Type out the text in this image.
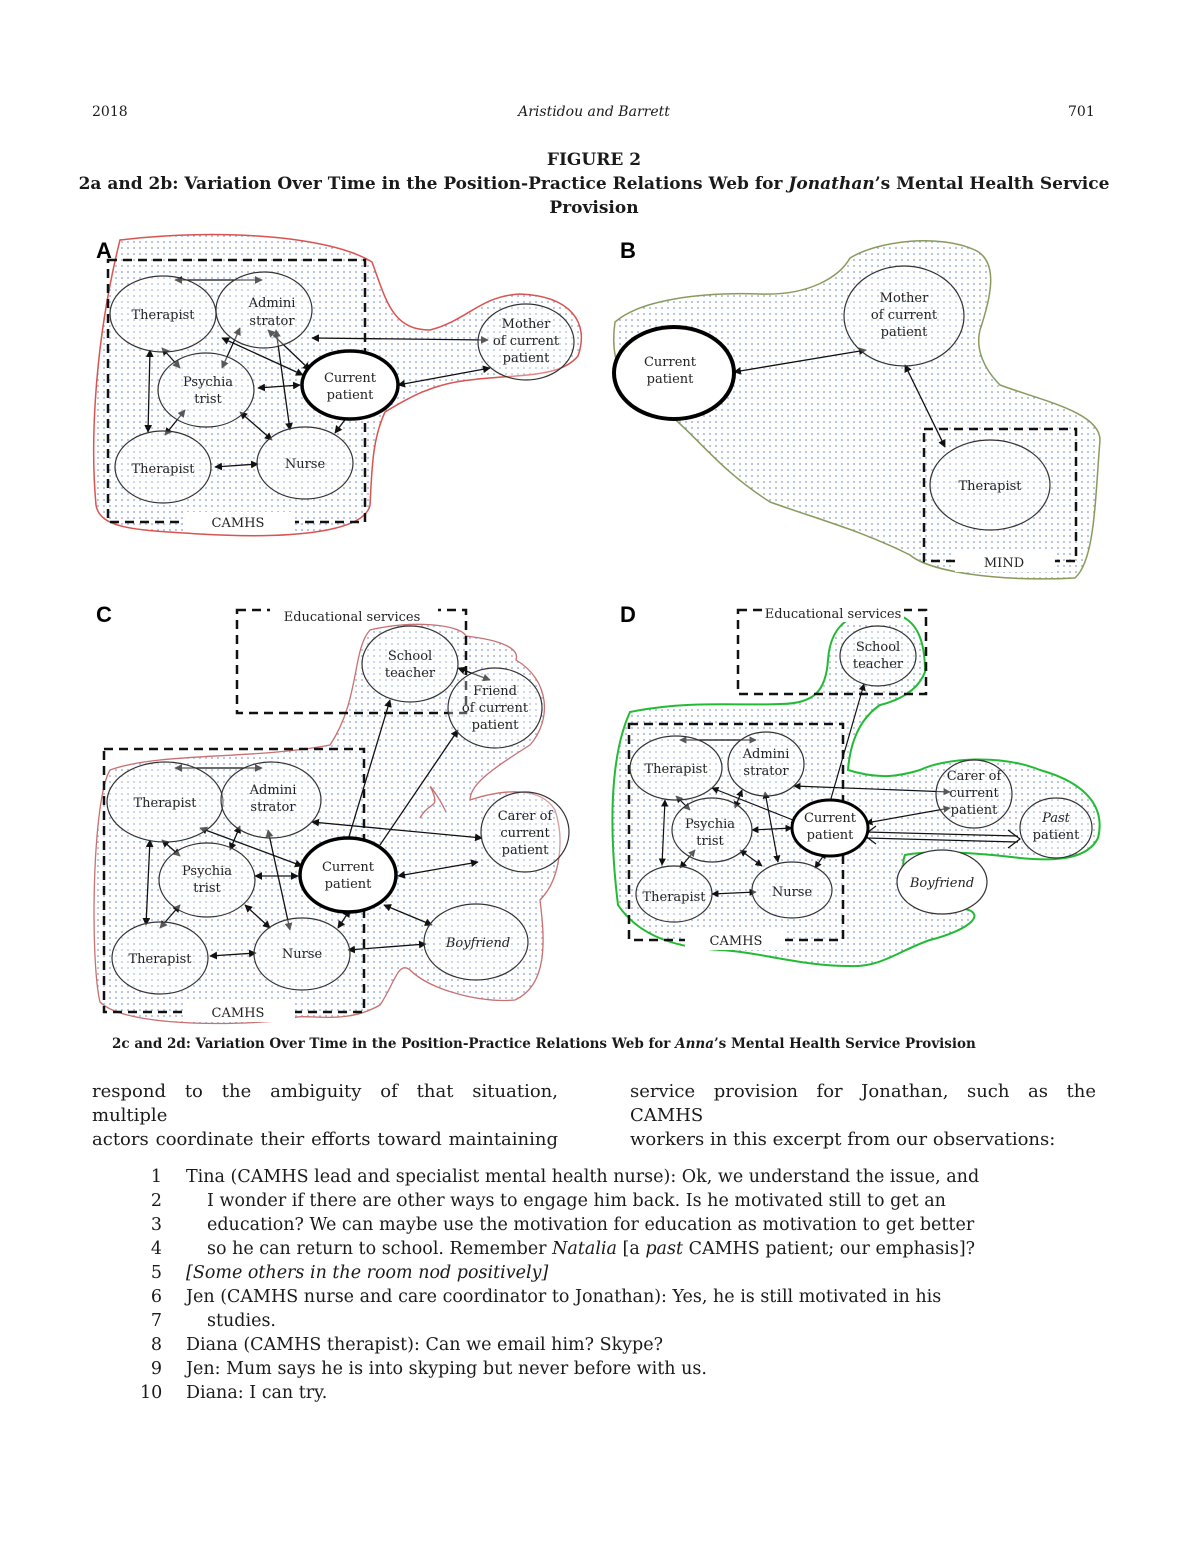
2018	Aristidou and Barrett	701
FIGURE 2
2a and 2b: Variation Over Time in the Position-Practice Relations Web for Jonathan’s Mental Health Service
Provision
CAMHS
A
Therapist
Admini
strator
Psychia
trist
Current
patient
Therapist	Nurse
Mother
of current
patient
MIND
B
Current
patient
Mother
of current
patient
Therapist
Educational services
CAMHS
C
Therapist
Admini
strator
Psychia
trist
Current
patient
Therapist	Nurse
School
teacher
Friend
of current
patient
Carer of
current
patient
Boyfriend
Educational services
CAMHS
D
Therapist
Admini
strator
Psychia
trist
Current
patient
Therapist	Nurse
School
teacher
Carer of
current
patient
Past
patient
Boyfriend
2c and 2d: Variation Over Time in the Position-Practice Relations Web for Anna’s Mental Health Service Provision
respond to the ambiguity of that situation, multiple
actors coordinate their efforts toward maintaining
service provision for Jonathan, such as the CAMHS
workers in this excerpt from our observations:
1 Tina (CAMHS lead and specialist mental health nurse): Ok, we understand the issue, and
2	I wonder if there are other ways to engage him back. Is he motivated still to get an
3	education? We can maybe use the motivation for education as motivation to get better
4	so he can return to school. Remember Natalia [a past CAMHS patient; our emphasis]?
5 [Some others in the room nod positively]
6 Jen (CAMHS nurse and care coordinator to Jonathan): Yes, he is still motivated in his
7	studies.
8 Diana (CAMHS therapist): Can we email him? Skype?
9 Jen: Mum says he is into skyping but never before with us.
10 Diana: I can try.
